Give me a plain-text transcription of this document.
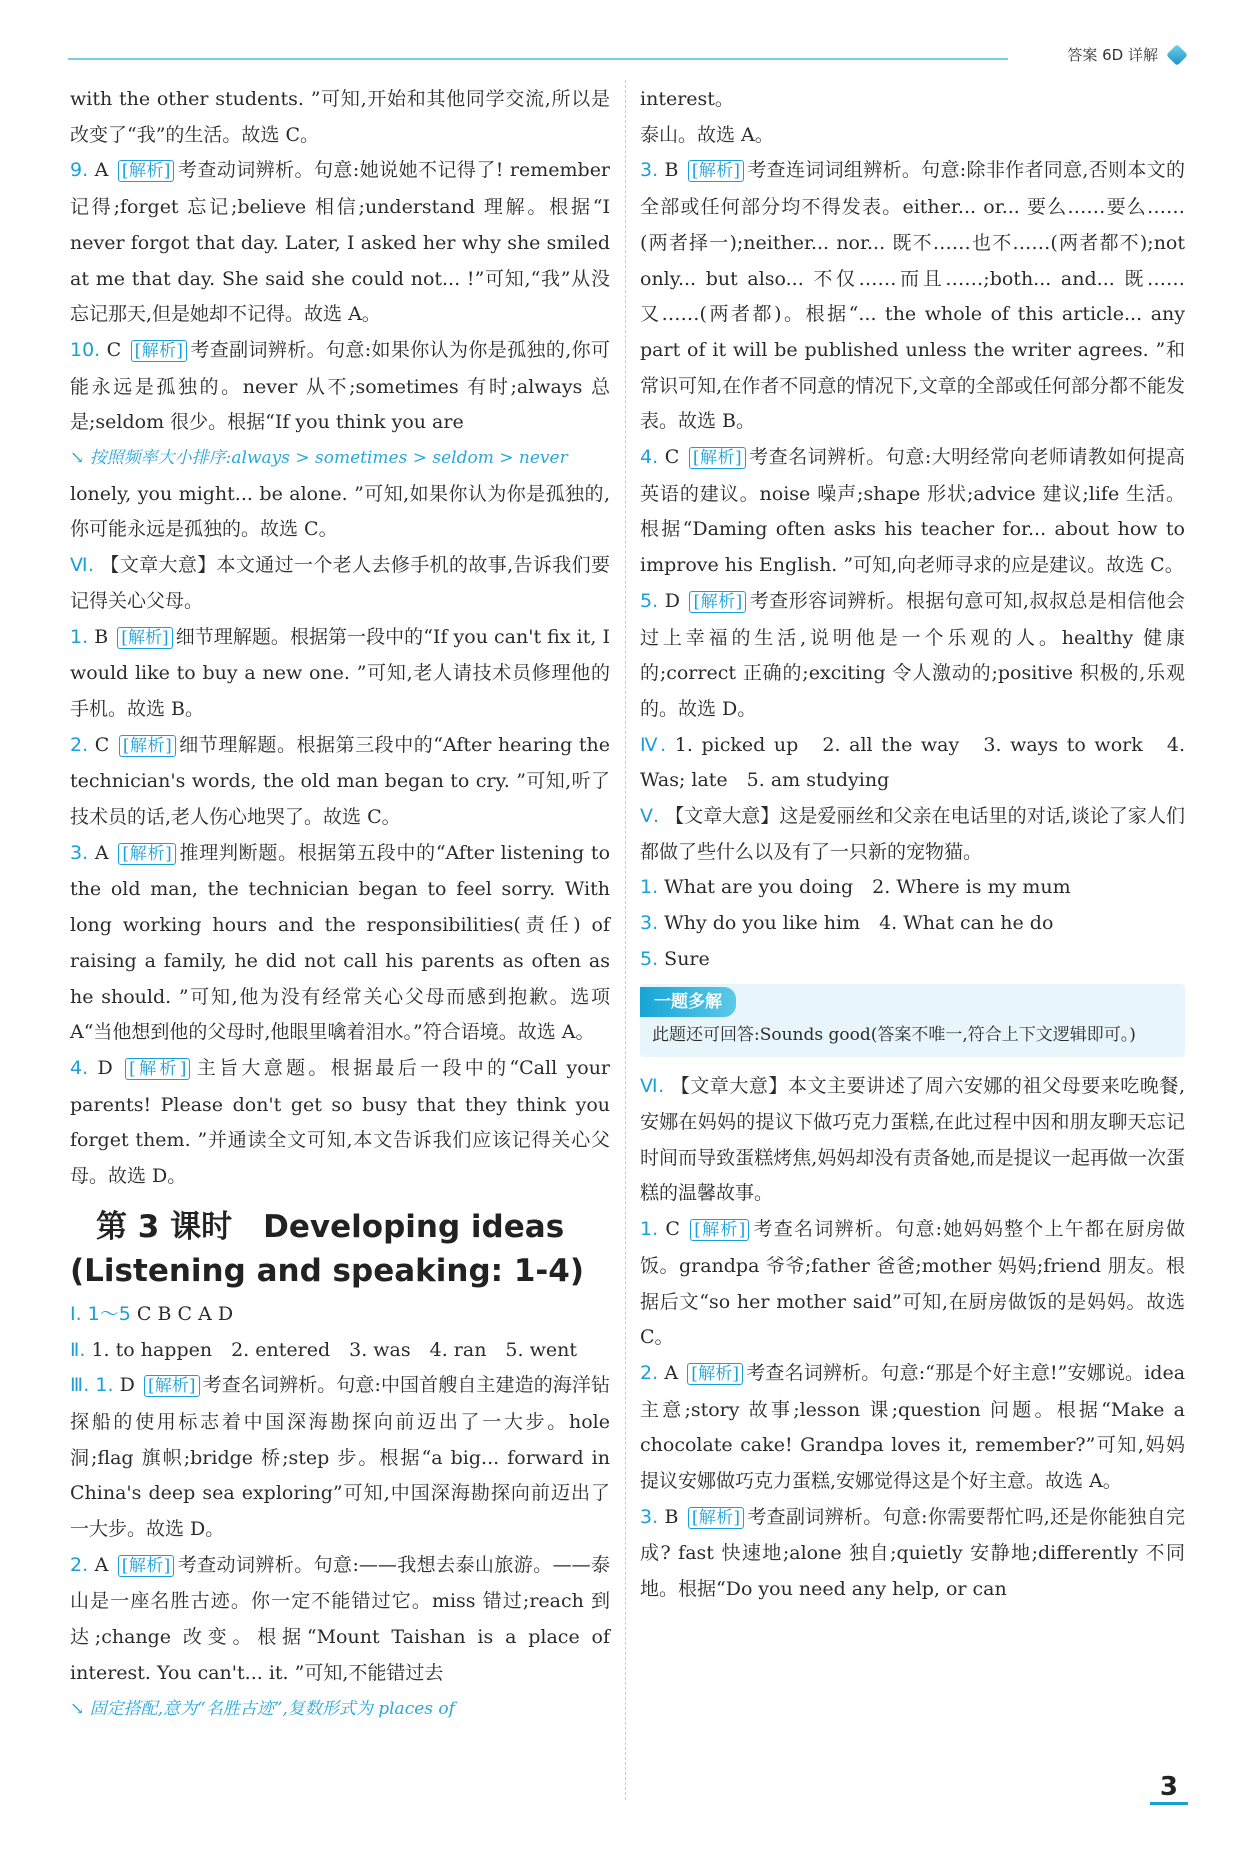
答案 6D 详解

with the other students. ”可知,开始和其他同学交流,所以是改变了“我”的生活。故选 C。

9. A [解析] 考查动词辨析。句意:她说她不记得了! remember 记得;forget 忘记;believe 相信;understand 理解。根据“I never forgot that day. Later, I asked her why she smiled at me that day. She said she could not... !”可知,“我”从没忘记那天,但是她却不记得。故选 A。

10. C [解析] 考查副词辨析。句意:如果你认为你是孤独的,你可能永远是孤独的。never 从不;sometimes 有时;always 总是;seldom 很少。根据“If you think you are
↘ 按照频率大小排序:always > sometimes > seldom > never
lonely, you might... be alone. ”可知,如果你认为你是孤独的,你可能永远是孤独的。故选 C。

Ⅵ. 【文章大意】本文通过一个老人去修手机的故事,告诉我们要记得关心父母。

1. B [解析] 细节理解题。根据第一段中的“If you can't fix it, I would like to buy a new one. ”可知,老人请技术员修理他的手机。故选 B。

2. C [解析] 细节理解题。根据第三段中的“After hearing the technician's words, the old man began to cry. ”可知,听了技术员的话,老人伤心地哭了。故选 C。

3. A [解析] 推理判断题。根据第五段中的“After listening to the old man, the technician began to feel sorry. With long working hours and the responsibilities(责任) of raising a family, he did not call his parents as often as he should. ”可知,他为没有经常关心父母而感到抱歉。选项 A“当他想到他的父母时,他眼里噙着泪水。”符合语境。故选 A。

4. D [解析] 主旨大意题。根据最后一段中的“Call your parents! Please don't get so busy that they think you forget them. ”并通读全文可知,本文告诉我们应该记得关心父母。故选 D。

第 3 课时　Developing ideas
(Listening and speaking: 1-4)

Ⅰ. 1～5 C B C A D

Ⅱ. 1. to happen　2. entered　3. was　4. ran　5. went

Ⅲ. 1. D [解析] 考查名词辨析。句意:中国首艘自主建造的海洋钻探船的使用标志着中国深海勘探向前迈出了一大步。hole 洞;flag 旗帜;bridge 桥;step 步。根据“a big... forward in China's deep sea exploring”可知,中国深海勘探向前迈出了一大步。故选 D。

2. A [解析] 考查动词辨析。句意:——我想去泰山旅游。——泰山是一座名胜古迹。你一定不能错过它。miss 错过;reach 到达;change 改变。根据“Mount Taishan is a place of interest. You can't... it. ”可知,不能错过去
↘ 固定搭配,意为“名胜古迹”,复数形式为 places of

interest。

泰山。故选 A。

3. B [解析] 考查连词词组辨析。句意:除非作者同意,否则本文的全部或任何部分均不得发表。either... or... 要么……要么……(两者择一);neither... nor... 既不……也不……(两者都不);not only... but also... 不仅……而且……;both... and... 既……又……(两者都)。根据“... the whole of this article... any part of it will be published unless the writer agrees. ”和常识可知,在作者不同意的情况下,文章的全部或任何部分都不能发表。故选 B。

4. C [解析] 考查名词辨析。句意:大明经常向老师请教如何提高英语的建议。noise 噪声;shape 形状;advice 建议;life 生活。根据“Daming often asks his teacher for... about how to improve his English. ”可知,向老师寻求的应是建议。故选 C。

5. D [解析] 考查形容词辨析。根据句意可知,叔叔总是相信他会过上幸福的生活,说明他是一个乐观的人。healthy 健康的;correct 正确的;exciting 令人激动的;positive 积极的,乐观的。故选 D。

Ⅳ. 1. picked up　2. all the way　3. ways to work　4. Was; late　5. am studying

Ⅴ. 【文章大意】这是爱丽丝和父亲在电话里的对话,谈论了家人们都做了些什么以及有了一只新的宠物猫。

1. What are you doing　2. Where is my mum

3. Why do you like him　4. What can he do

5. Sure

一题多解
此题还可回答:Sounds good(答案不唯一,符合上下文逻辑即可。)

Ⅵ. 【文章大意】本文主要讲述了周六安娜的祖父母要来吃晚餐,安娜在妈妈的提议下做巧克力蛋糕,在此过程中因和朋友聊天忘记时间而导致蛋糕烤焦,妈妈却没有责备她,而是提议一起再做一次蛋糕的温馨故事。

1. C [解析] 考查名词辨析。句意:她妈妈整个上午都在厨房做饭。grandpa 爷爷;father 爸爸;mother 妈妈;friend 朋友。根据后文“so her mother said”可知,在厨房做饭的是妈妈。故选 C。

2. A [解析] 考查名词辨析。句意:“那是个好主意!”安娜说。idea 主意;story 故事;lesson 课;question 问题。根据“Make a chocolate cake! Grandpa loves it, remember?”可知,妈妈提议安娜做巧克力蛋糕,安娜觉得这是个好主意。故选 A。

3. B [解析] 考查副词辨析。句意:你需要帮忙吗,还是你能独自完成? fast 快速地;alone 独自;quietly 安静地;differently 不同地。根据“Do you need any help, or can

3
